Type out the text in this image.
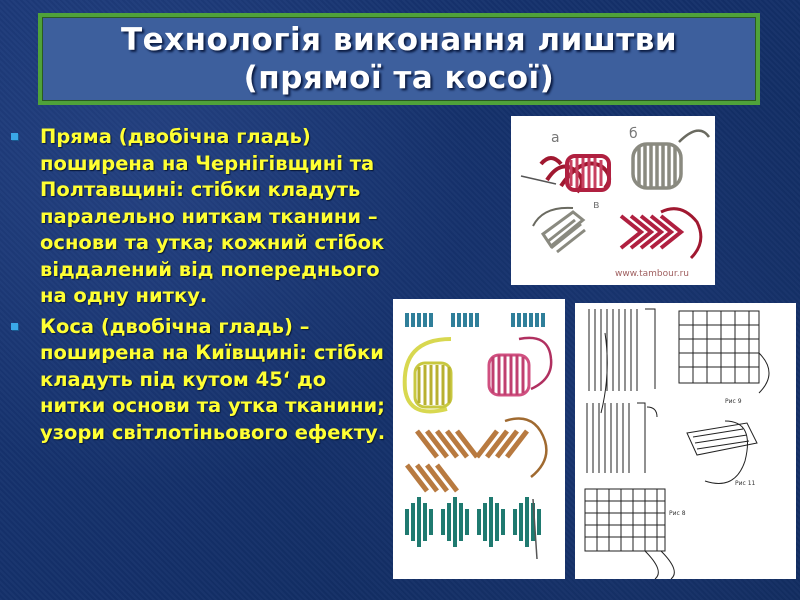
Технологія виконання лиштви
(прямої та косої)
Пряма (двобічна гладь) поширена на Чернігівщині та Полтавщині: стібки кладуть паралельно ниткам тканини – основи та утка; кожний стібок віддалений від попереднього на одну нитку.
Коса (двобічна гладь) – поширена на Київщині: стібки кладуть під кутом 45‘ до нитки основи та утка тканини; узори світлотіньового ефекту.
а	б
в
www.tambour.ru
Рис 9
Рис 11
Рис 8
